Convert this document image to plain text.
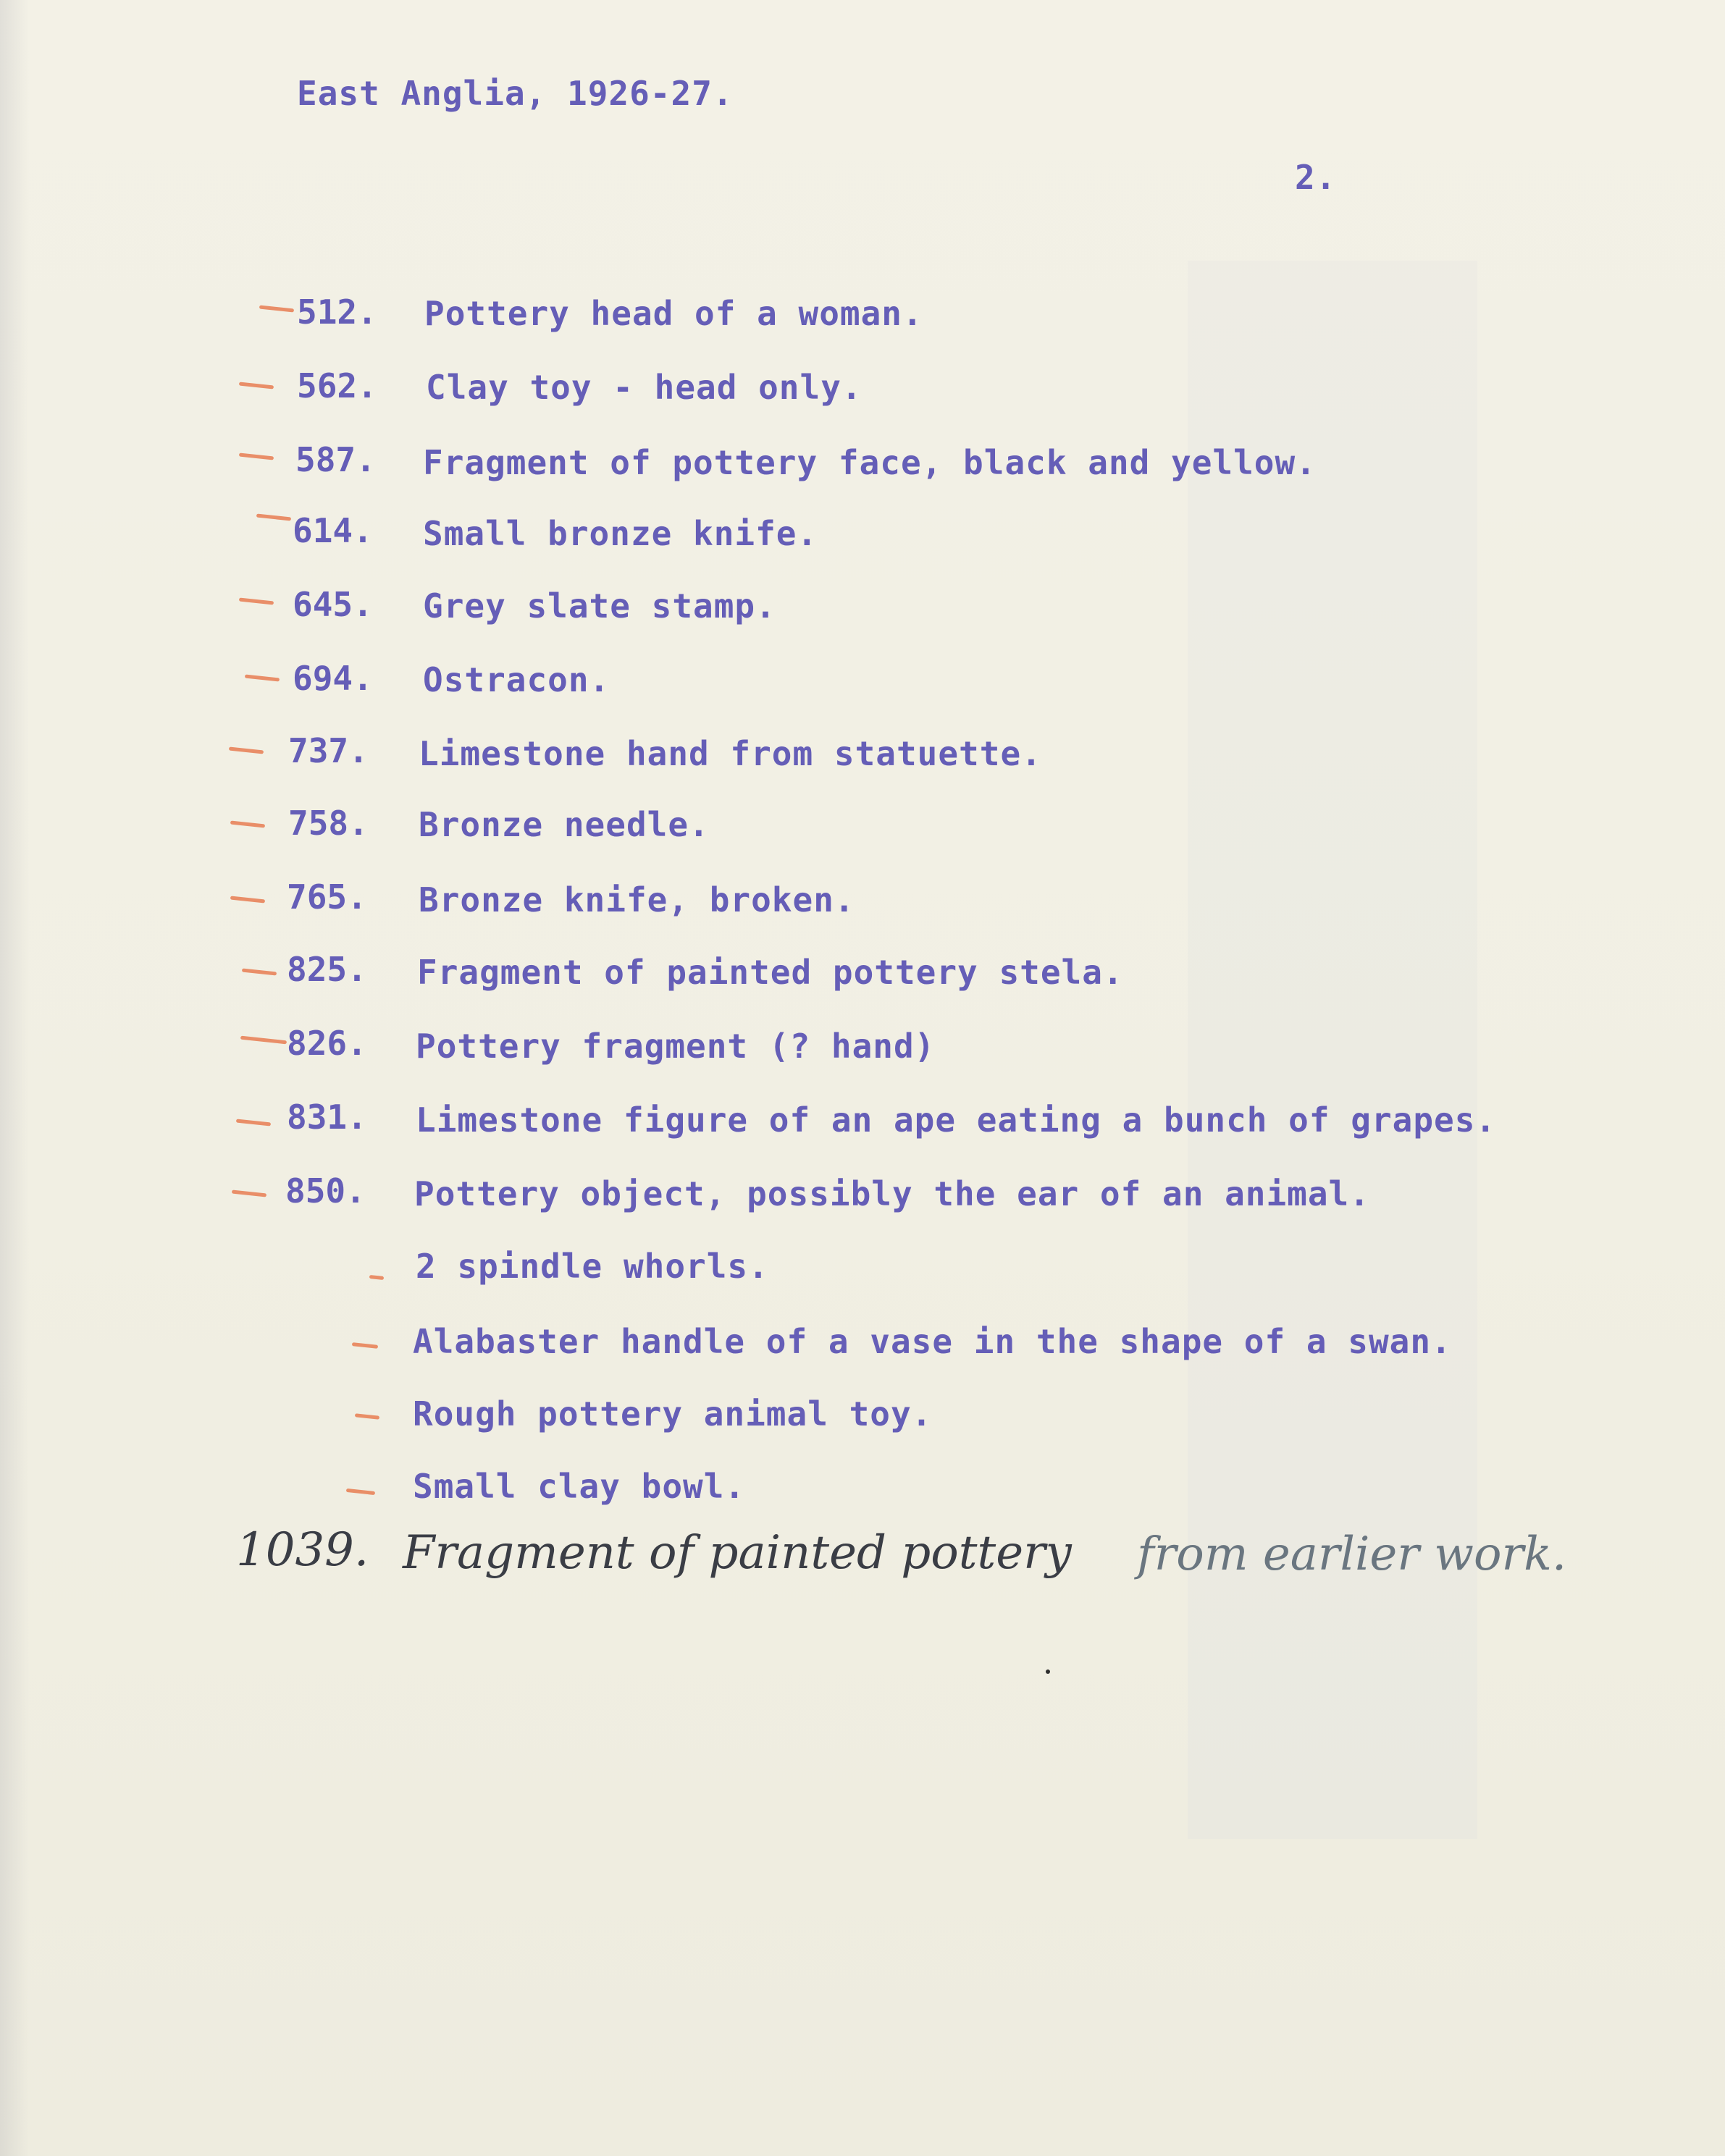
East Anglia, 1926-27.
2.
512. Pottery head of a woman.
562. Clay toy - head only.
587. Fragment of pottery face, black and yellow.
614. Small bronze knife.
645. Grey slate stamp.
694. Ostracon.
737. Limestone hand from statuette.
758. Bronze needle.
765. Bronze knife, broken.
825. Fragment of painted pottery stela.
826. Pottery fragment (? hand)
831. Limestone figure of an ape eating a bunch of grapes.
850. Pottery object, possibly the ear of an animal.
2 spindle whorls.
Alabaster handle of a vase in the shape of a swan.
Rough pottery animal toy.
Small clay bowl.
1039. Fragment of painted pottery from earlier work.
